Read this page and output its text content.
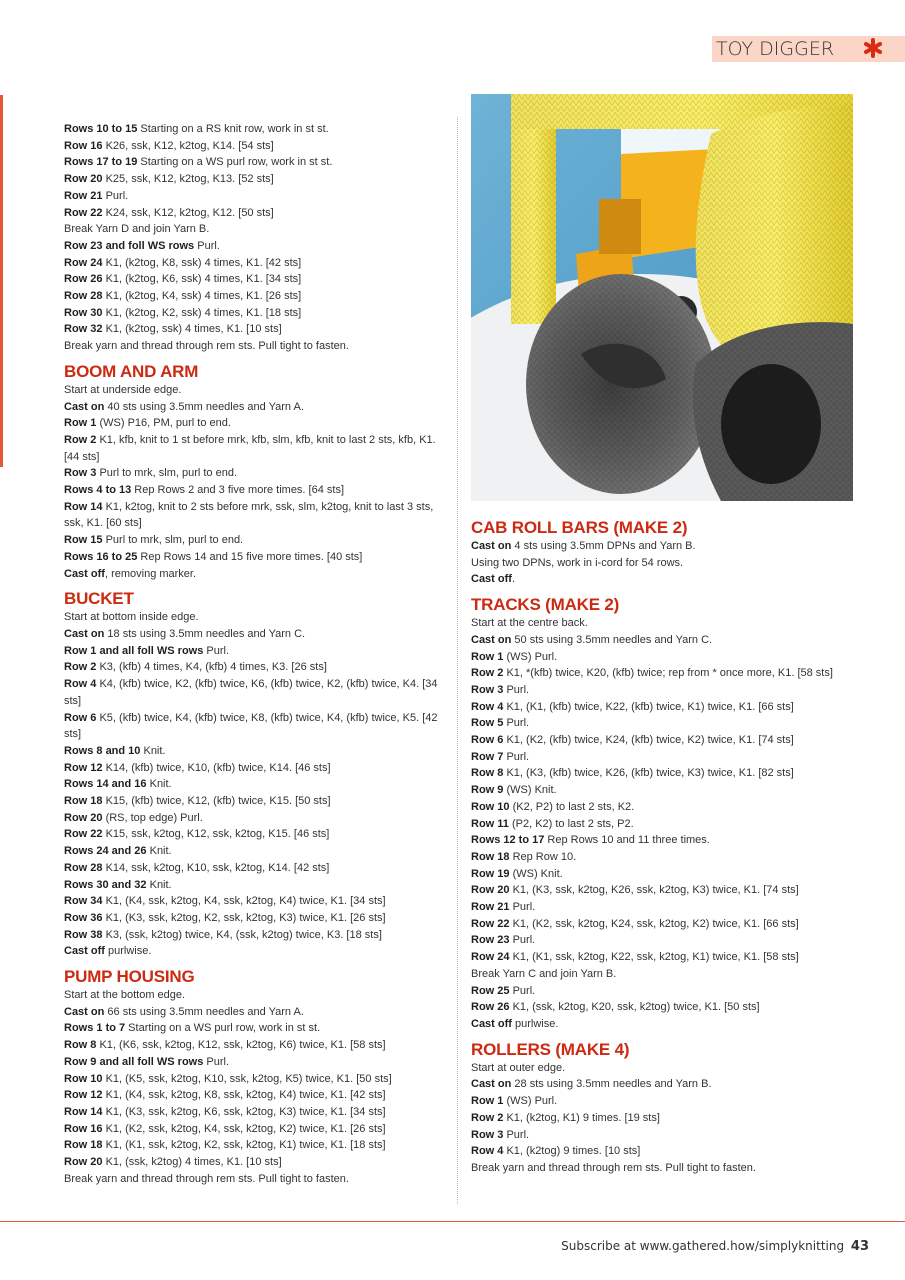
TOY DIGGER

Rows 10 to 15 Starting on a RS knit row, work in st st.

Row 16 K26, ssk, K12, k2tog, K14. [54 sts]

Rows 17 to 19 Starting on a WS purl row, work in st st.

Row 20 K25, ssk, K12, k2tog, K13. [52 sts]

Row 21 Purl.

Row 22 K24, ssk, K12, k2tog, K12. [50 sts]

Break Yarn D and join Yarn B.

Row 23 and foll WS rows Purl.

Row 24 K1, (k2tog, K8, ssk) 4 times, K1. [42 sts]

Row 26 K1, (k2tog, K6, ssk) 4 times, K1. [34 sts]

Row 28 K1, (k2tog, K4, ssk) 4 times, K1. [26 sts]

Row 30 K1, (k2tog, K2, ssk) 4 times, K1. [18 sts]

Row 32 K1, (k2tog, ssk) 4 times, K1. [10 sts]

Break yarn and thread through rem sts. Pull tight to fasten.

BOOM AND ARM

Start at underside edge.

Cast on 40 sts using 3.5mm needles and Yarn A.

Row 1 (WS) P16, PM, purl to end.

Row 2 K1, kfb, knit to 1 st before mrk, kfb, slm, kfb, knit to last 2 sts, kfb, K1. [44 sts]

Row 3 Purl to mrk, slm, purl to end.

Rows 4 to 13 Rep Rows 2 and 3 five more times. [64 sts]

Row 14 K1, k2tog, knit to 2 sts before mrk, ssk, slm, k2tog, knit to last 3 sts, ssk, K1. [60 sts]

Row 15 Purl to mrk, slm, purl to end.

Rows 16 to 25 Rep Rows 14 and 15 five more times. [40 sts]

Cast off, removing marker.

BUCKET

Start at bottom inside edge.

Cast on 18 sts using 3.5mm needles and Yarn C.

Row 1 and all foll WS rows Purl.

Row 2 K3, (kfb) 4 times, K4, (kfb) 4 times, K3. [26 sts]

Row 4 K4, (kfb) twice, K2, (kfb) twice, K6, (kfb) twice, K2, (kfb) twice, K4. [34 sts]

Row 6 K5, (kfb) twice, K4, (kfb) twice, K8, (kfb) twice, K4, (kfb) twice, K5. [42 sts]

Rows 8 and 10 Knit.

Row 12 K14, (kfb) twice, K10, (kfb) twice, K14. [46 sts]

Rows 14 and 16 Knit.

Row 18 K15, (kfb) twice, K12, (kfb) twice, K15. [50 sts]

Row 20 (RS, top edge) Purl.

Row 22 K15, ssk, k2tog, K12, ssk, k2tog, K15. [46 sts]

Rows 24 and 26 Knit.

Row 28 K14, ssk, k2tog, K10, ssk, k2tog, K14. [42 sts]

Rows 30 and 32 Knit.

Row 34 K1, (K4, ssk, k2tog, K4, ssk, k2tog, K4) twice, K1. [34 sts]

Row 36 K1, (K3, ssk, k2tog, K2, ssk, k2tog, K3) twice, K1. [26 sts]

Row 38 K3, (ssk, k2tog) twice, K4, (ssk, k2tog) twice, K3. [18 sts]

Cast off purlwise.

PUMP HOUSING

Start at the bottom edge.

Cast on 66 sts using 3.5mm needles and Yarn A.

Rows 1 to 7 Starting on a WS purl row, work in st st.

Row 8 K1, (K6, ssk, k2tog, K12, ssk, k2tog, K6) twice, K1. [58 sts]

Row 9 and all foll WS rows Purl.

Row 10 K1, (K5, ssk, k2tog, K10, ssk, k2tog, K5) twice, K1. [50 sts]

Row 12 K1, (K4, ssk, k2tog, K8, ssk, k2tog, K4) twice, K1. [42 sts]

Row 14 K1, (K3, ssk, k2tog, K6, ssk, k2tog, K3) twice, K1. [34 sts]

Row 16 K1, (K2, ssk, k2tog, K4, ssk, k2tog, K2) twice, K1. [26 sts]

Row 18 K1, (K1, ssk, k2tog, K2, ssk, k2tog, K1) twice, K1. [18 sts]

Row 20 K1, (ssk, k2tog) 4 times, K1. [10 sts]

Break yarn and thread through rem sts. Pull tight to fasten.

CAB ROLL BARS (MAKE 2)

Cast on 4 sts using 3.5mm DPNs and Yarn B.

Using two DPNs, work in i-cord for 54 rows.

Cast off.

TRACKS (MAKE 2)

Start at the centre back.

Cast on 50 sts using 3.5mm needles and Yarn C.

Row 1 (WS) Purl.

Row 2 K1, *(kfb) twice, K20, (kfb) twice; rep from * once more, K1. [58 sts]

Row 3 Purl.

Row 4 K1, (K1, (kfb) twice, K22, (kfb) twice, K1) twice, K1. [66 sts]

Row 5 Purl.

Row 6 K1, (K2, (kfb) twice, K24, (kfb) twice, K2) twice, K1. [74 sts]

Row 7 Purl.

Row 8 K1, (K3, (kfb) twice, K26, (kfb) twice, K3) twice, K1. [82 sts]

Row 9 (WS) Knit.

Row 10 (K2, P2) to last 2 sts, K2.

Row 11 (P2, K2) to last 2 sts, P2.

Rows 12 to 17 Rep Rows 10 and 11 three times.

Row 18 Rep Row 10.

Row 19 (WS) Knit.

Row 20 K1, (K3, ssk, k2tog, K26, ssk, k2tog, K3) twice, K1. [74 sts]

Row 21 Purl.

Row 22 K1, (K2, ssk, k2tog, K24, ssk, k2tog, K2) twice, K1. [66 sts]

Row 23 Purl.

Row 24 K1, (K1, ssk, k2tog, K22, ssk, k2tog, K1) twice, K1. [58 sts]

Break Yarn C and join Yarn B.

Row 25 Purl.

Row 26 K1, (ssk, k2tog, K20, ssk, k2tog) twice, K1. [50 sts]

Cast off purlwise.

ROLLERS (MAKE 4)

Start at outer edge.

Cast on 28 sts using 3.5mm needles and Yarn B.

Row 1 (WS) Purl.

Row 2 K1, (k2tog, K1) 9 times. [19 sts]

Row 3 Purl.

Row 4 K1, (k2tog) 9 times. [10 sts]

Break yarn and thread through rem sts. Pull tight to fasten.

Subscribe at www.gathered.how/simplyknitting 43
